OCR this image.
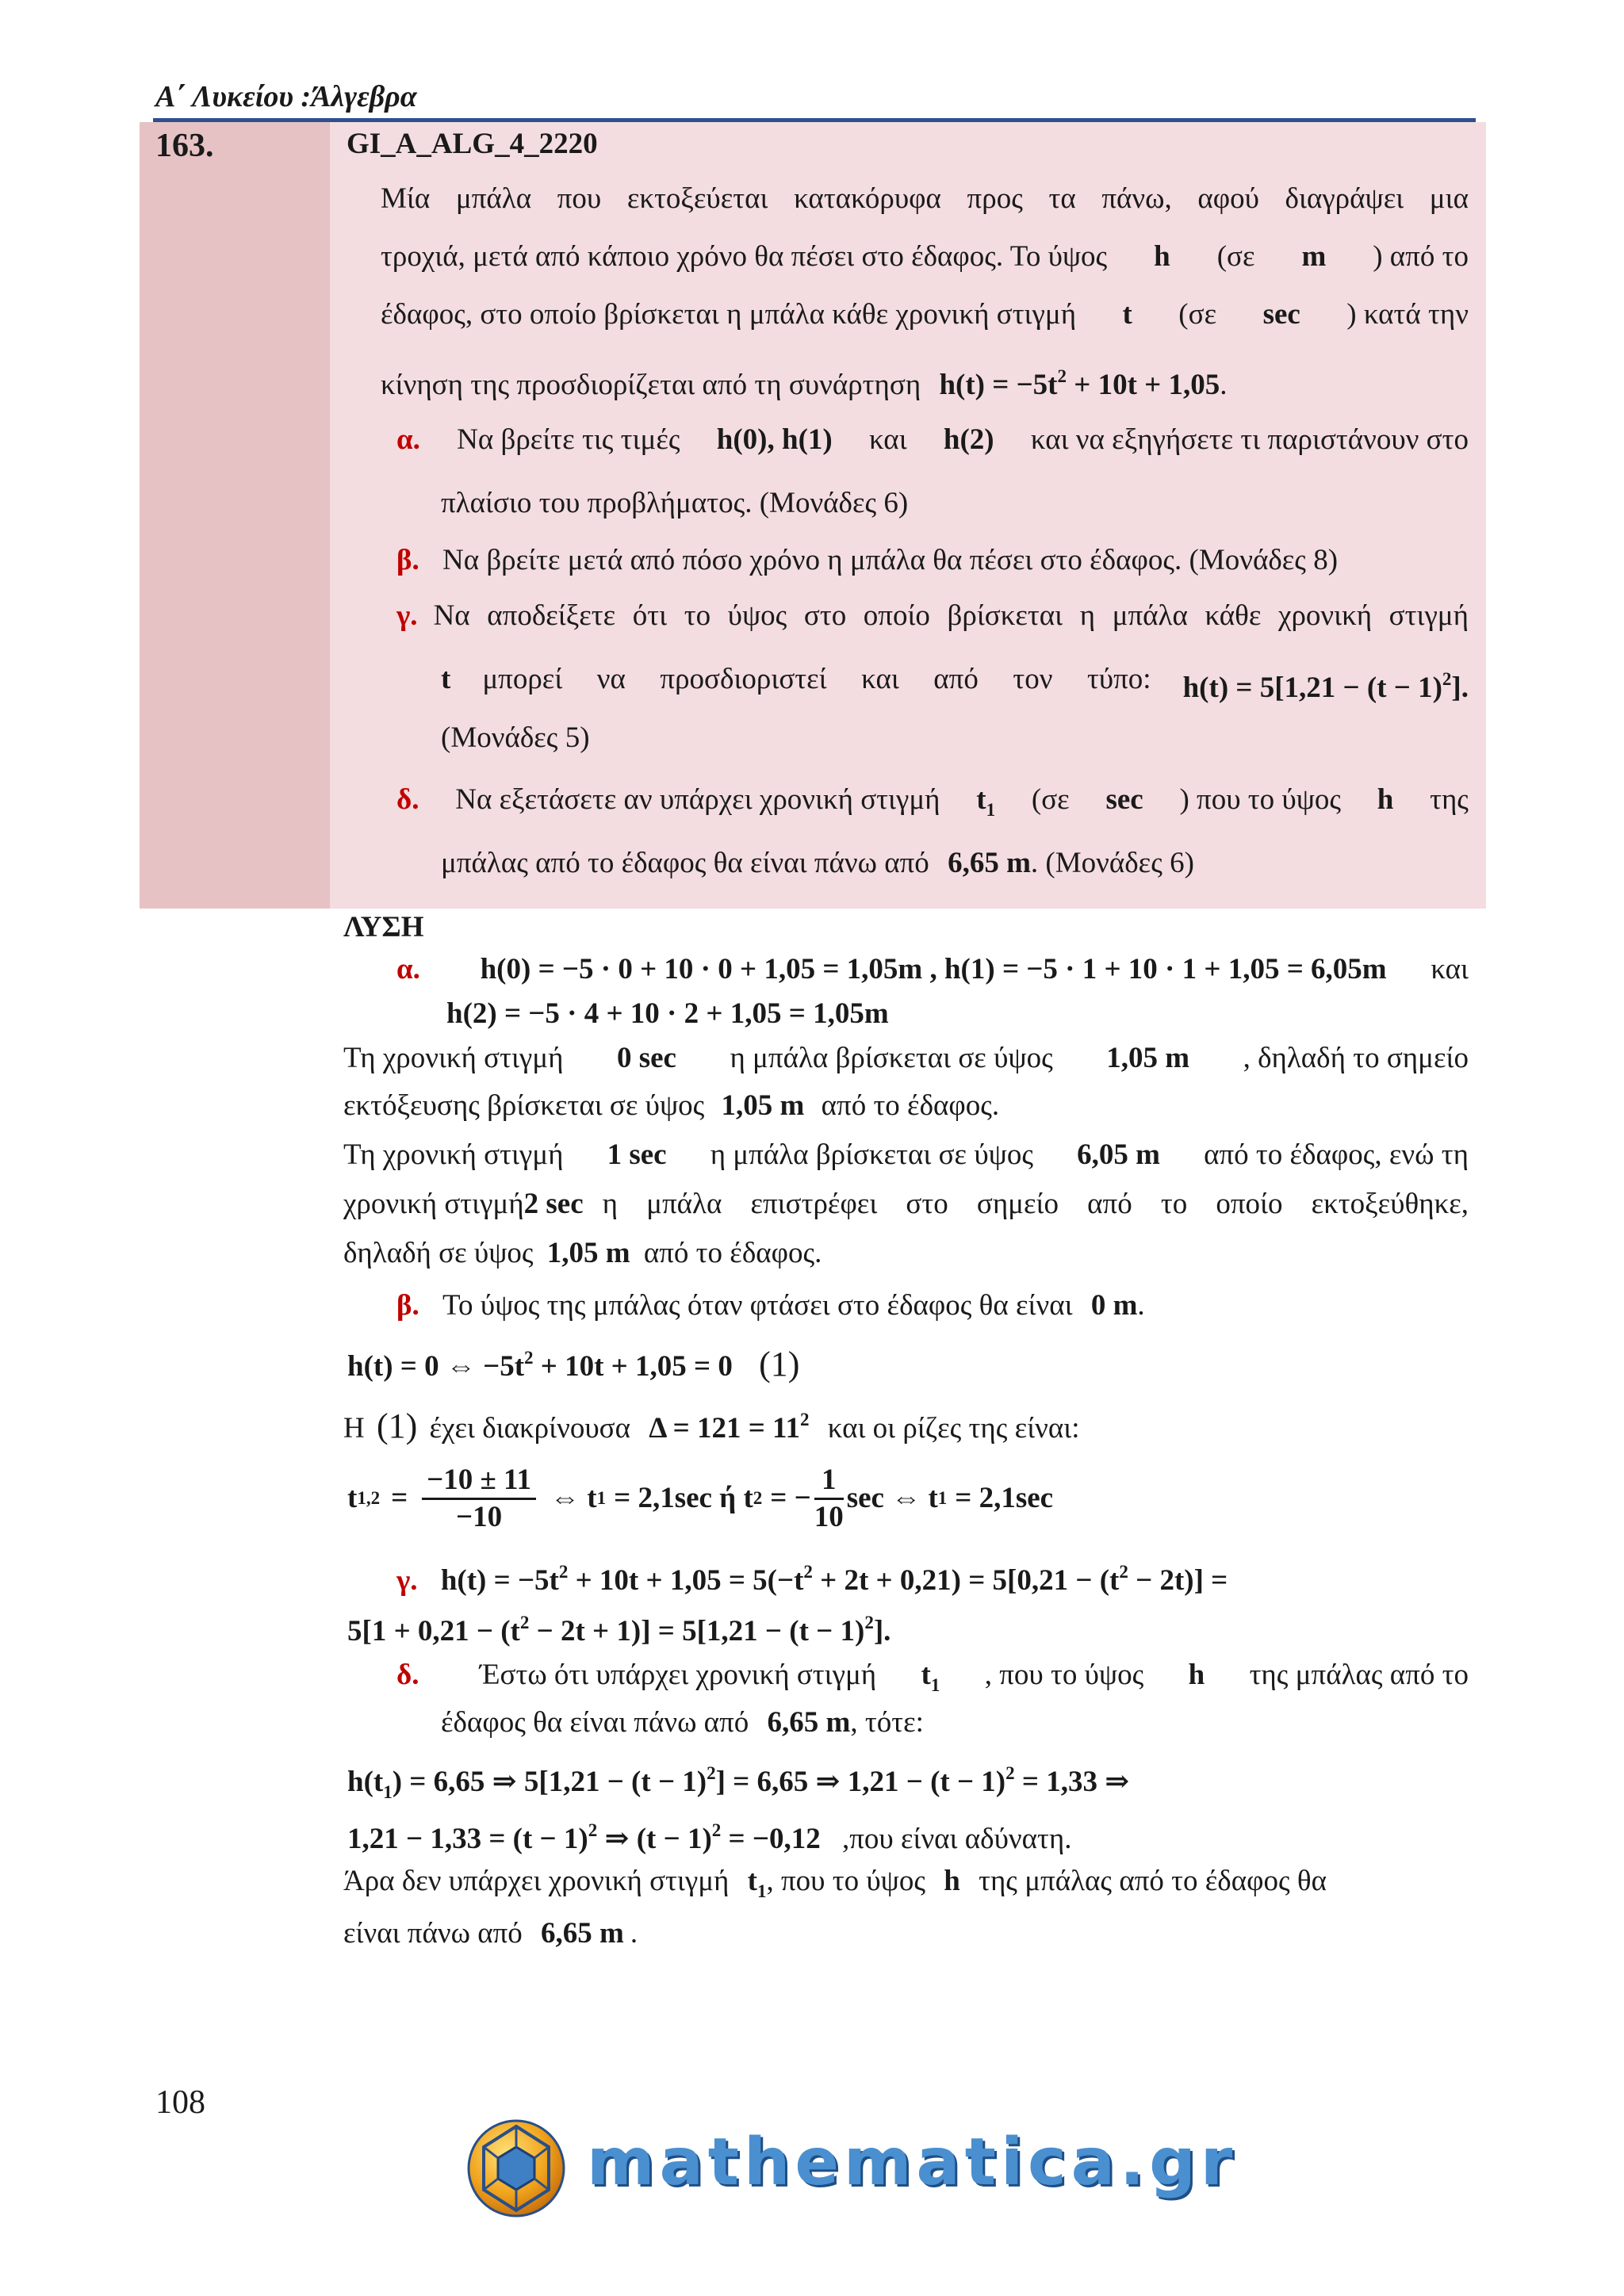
Α΄ Λυκείου :Άλγεβρα
163.	GI_A_ALG_4_2220
Μία μπάλα που εκτοξεύεται κατακόρυφα προς τα πάνω, αφού διαγράψει μια
τροχιά, μετά από κάποιο χρόνο θα πέσει στο έδαφος. Το ύψος h (σε m ) από το
έδαφος, στο οποίο βρίσκεται η μπάλα κάθε χρονική στιγμή t (σε sec ) κατά την
κίνηση της προσδιορίζεται από τη συνάρτηση $h(t) = -5t^2 + 10t + 1,05$.
α. Να βρείτε τις τιμές h(0), h(1) και h(2) και να εξηγήσετε τι παριστάνουν στο
πλαίσιο του προβλήματος. (Μονάδες 6)
β. Να βρείτε μετά από πόσο χρόνο η μπάλα θα πέσει στο έδαφος. (Μονάδες 8)
γ. Να αποδείξετε ότι το ύψος στο οποίο βρίσκεται η μπάλα κάθε χρονική στιγμή
t μπορεί να προσδιοριστεί και από τον τύπο: $h(t) = 5[1,21 - (t - 1)^2]$.
(Μονάδες 5)
δ. Να εξετάσετε αν υπάρχει χρονική στιγμή $t_1$ (σε sec ) που το ύψος h της
μπάλας από το έδαφος θα είναι πάνω από 6,65 m. (Μονάδες 6)
ΛΥΣΗ
α. h(0) = −5 · 0 + 10 · 0 + 1,05 = 1,05m , h(1) = −5 · 1 + 10 · 1 + 1,05 = 6,05m και
h(2) = −5 · 4 + 10 · 2 + 1,05 = 1,05m
Τη χρονική στιγμή 0 sec η μπάλα βρίσκεται σε ύψος 1,05 m , δηλαδή το σημείο
εκτόξευσης βρίσκεται σε ύψος 1,05 m από το έδαφος.
Τη χρονική στιγμή 1 sec η μπάλα βρίσκεται σε ύψος 6,05 m από το έδαφος, ενώ τη
χρονική στιγμή 2 sec η μπάλα επιστρέφει στο σημείο από το οποίο εκτοξεύθηκε,
δηλαδή σε ύψος 1,05 m από το έδαφος.
β. Το ύψος της μπάλας όταν φτάσει στο έδαφος θα είναι 0 m.
h(t) = 0 ⇔ $-5t^2 + 10t + 1,05 = 0$ (1)
Η (1) έχει διακρίνουσα $\Delta = 121 = 11^2$ και οι ρίζες της είναι:
t $1,2 = \frac{-10 \pm 11}{-10}$ ⇔ t 1 = 2,1sec ή t 2 = − $\frac{1}{10}$ sec ⇔ t 1 = 2,1sec
γ. $h(t) = -5t^2 + 10t + 1,05 = 5(-t^2 + 2t + 0,21) = 5[0,21 - (t^2 - 2t)]$ =
$5[1 + 0,21 - (t^2 - 2t + 1)] = 5[1,21 - (t - 1)^2]$.
δ. Έστω ότι υπάρχει χρονική στιγμή $t_1$ , που το ύψος h της μπάλας από το
έδαφος θα είναι πάνω από 6,65 m, τότε:
$h(t_1) = 6,65$ ⇒ $5[1,21 - (t - 1)^2] = 6,65$ ⇒ $1,21 - (t - 1)^2 = 1,33$ ⇒
$1,21 - 1,33 = (t - 1)^2$ ⇒ $(t - 1)^2 = -0,12$ ,που είναι αδύνατη.
Άρα δεν υπάρχει χρονική στιγμή $t_1$, που το ύψος h της μπάλας από το έδαφος θα
είναι πάνω από 6,65 m .
108
mathematica.gr
